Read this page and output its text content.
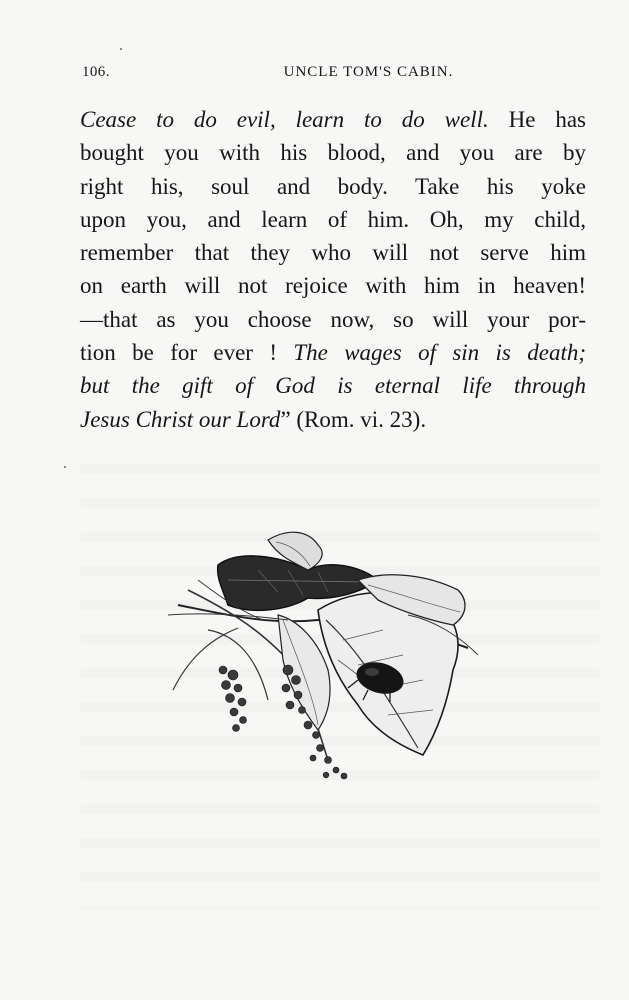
106.	UNCLE TOM'S CABIN.
Cease to do evil, learn to do well. He has
bought you with his blood, and you are by
right his, soul and body. Take his yoke
upon you, and learn of him. Oh, my child,
remember that they who will not serve him
on earth will not rejoice with him in heaven!
—that as you choose now, so will your por-
tion be for ever ! The wages of sin is death;
but the gift of God is eternal life through
Jesus Christ our Lord” (Rom. vi. 23).
